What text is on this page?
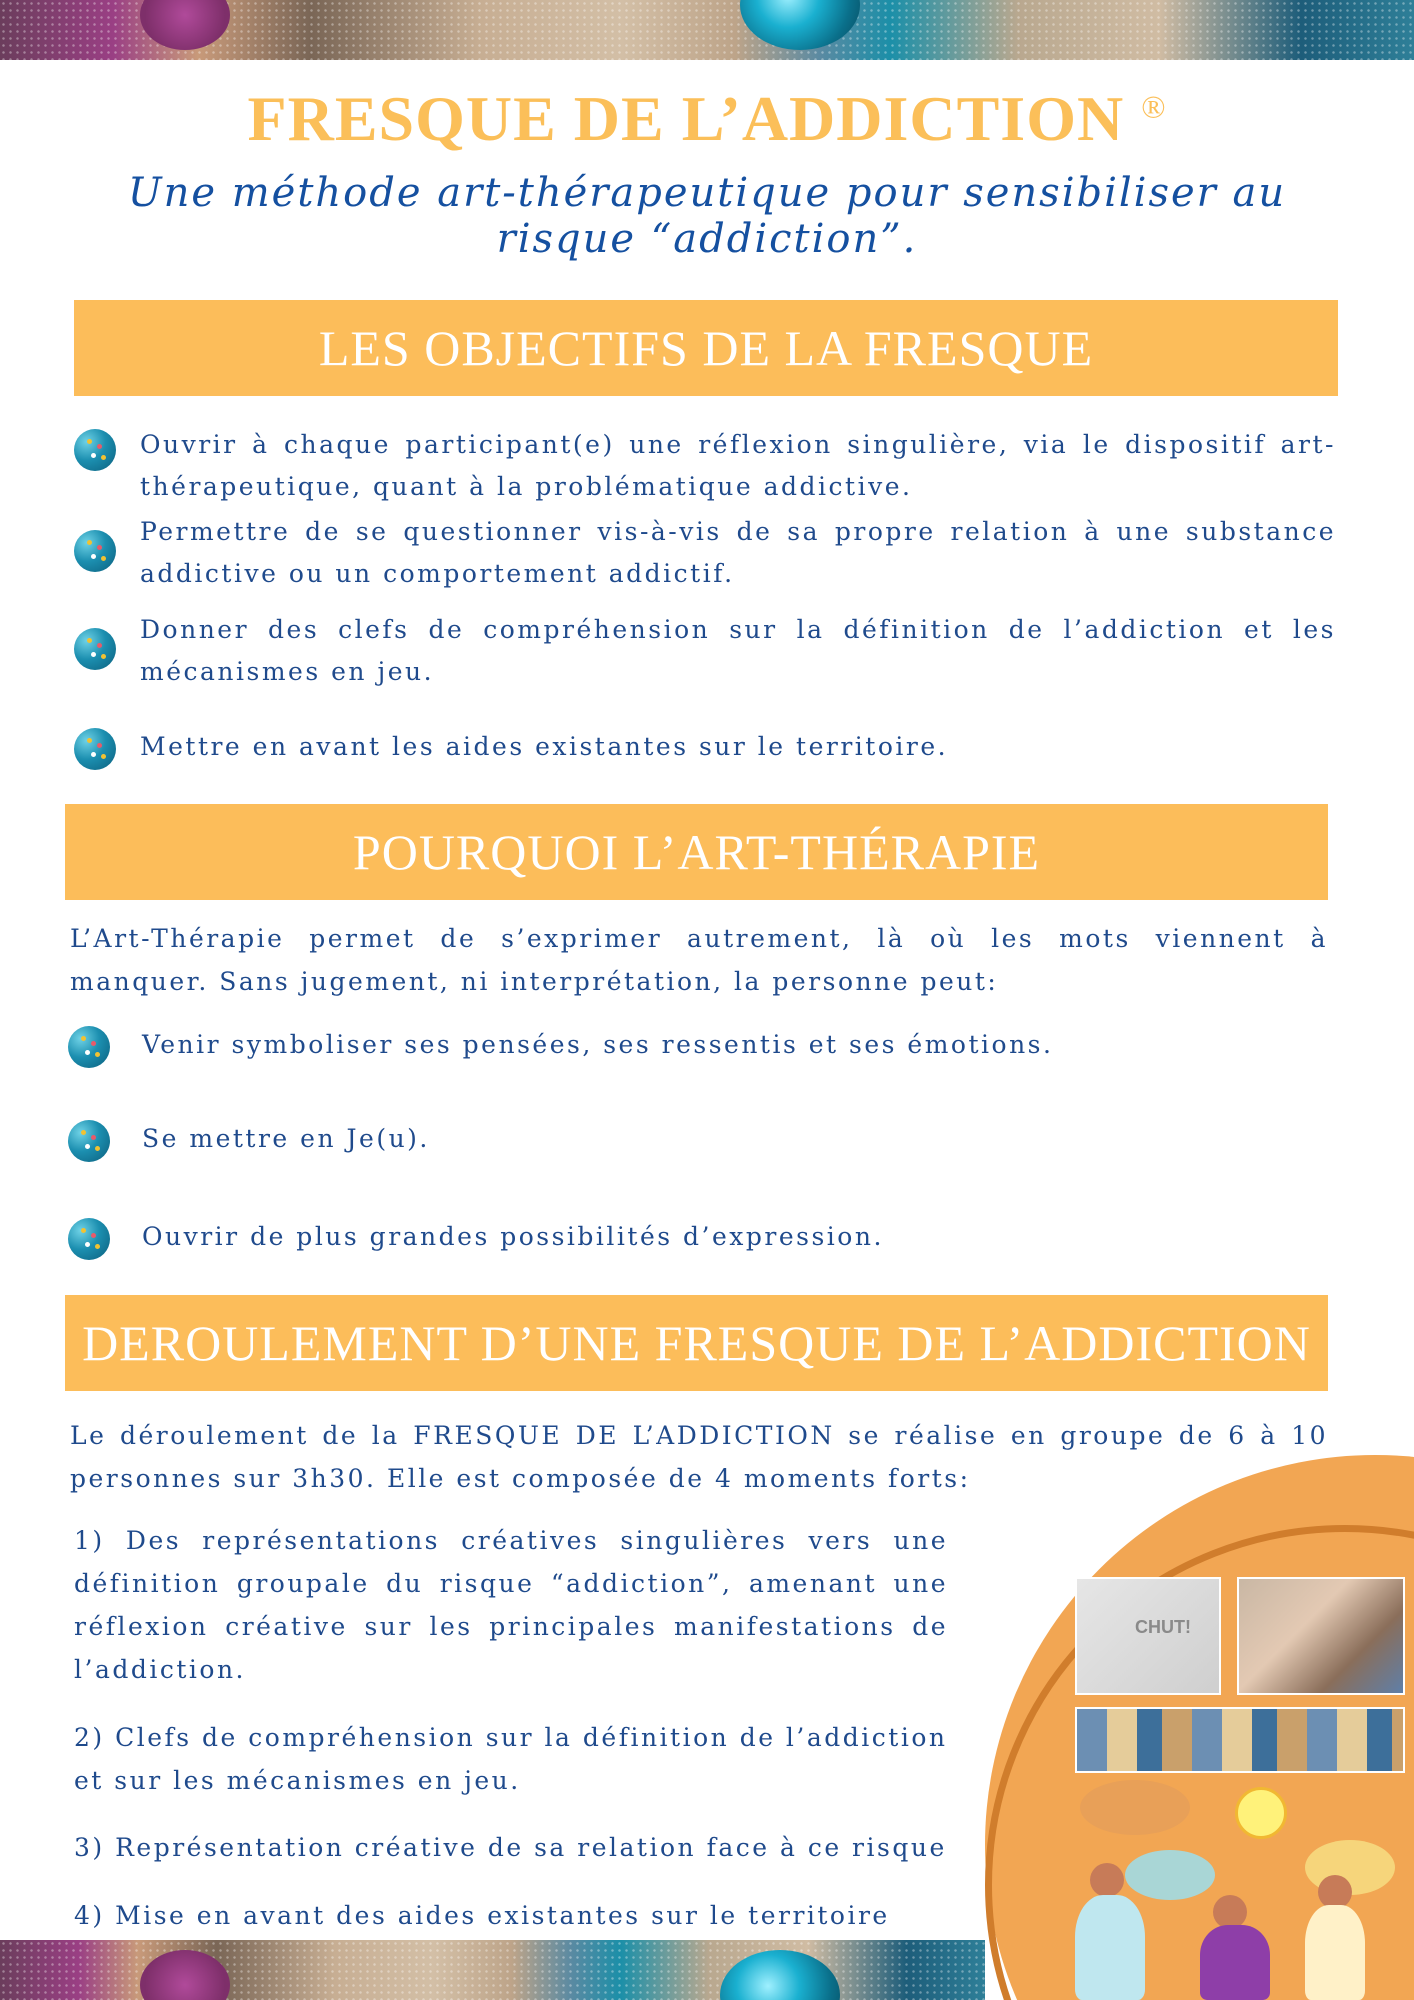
FRESQUE DE L’ADDICTION ®
Une méthode art-thérapeutique pour sensibiliser au risque “addiction”.
LES OBJECTIFS DE LA FRESQUE
Ouvrir à chaque participant(e) une réflexion singulière, via le dispositif art-thérapeutique, quant à la problématique addictive.
Permettre de se questionner vis-à-vis de sa propre relation à une substance addictive ou un comportement addictif.
Donner des clefs de compréhension sur la définition de l’addiction et les mécanismes en jeu.
Mettre en avant les aides existantes sur le territoire.
POURQUOI L’ART-THÉRAPIE
L’Art-Thérapie permet de s’exprimer autrement, là où les mots viennent à manquer. Sans jugement, ni interprétation, la personne peut:
Venir symboliser ses pensées, ses ressentis et ses émotions.
Se mettre en Je(u).
Ouvrir de plus grandes possibilités d’expression.
DEROULEMENT D’UNE FRESQUE DE L’ADDICTION
CHUT!
Le déroulement de la FRESQUE DE L’ADDICTION se réalise en groupe de 6 à 10 personnes sur 3h30. Elle est composée de 4 moments forts:
1) Des représentations créatives singulières vers une définition groupale du risque “addiction”, amenant une réflexion créative sur les principales manifestations de l’addiction.
2) Clefs de compréhension sur la définition de l’addiction et sur les mécanismes en jeu.
3) Représentation créative de sa relation face à ce risque
4) Mise en avant des aides existantes sur le territoire
